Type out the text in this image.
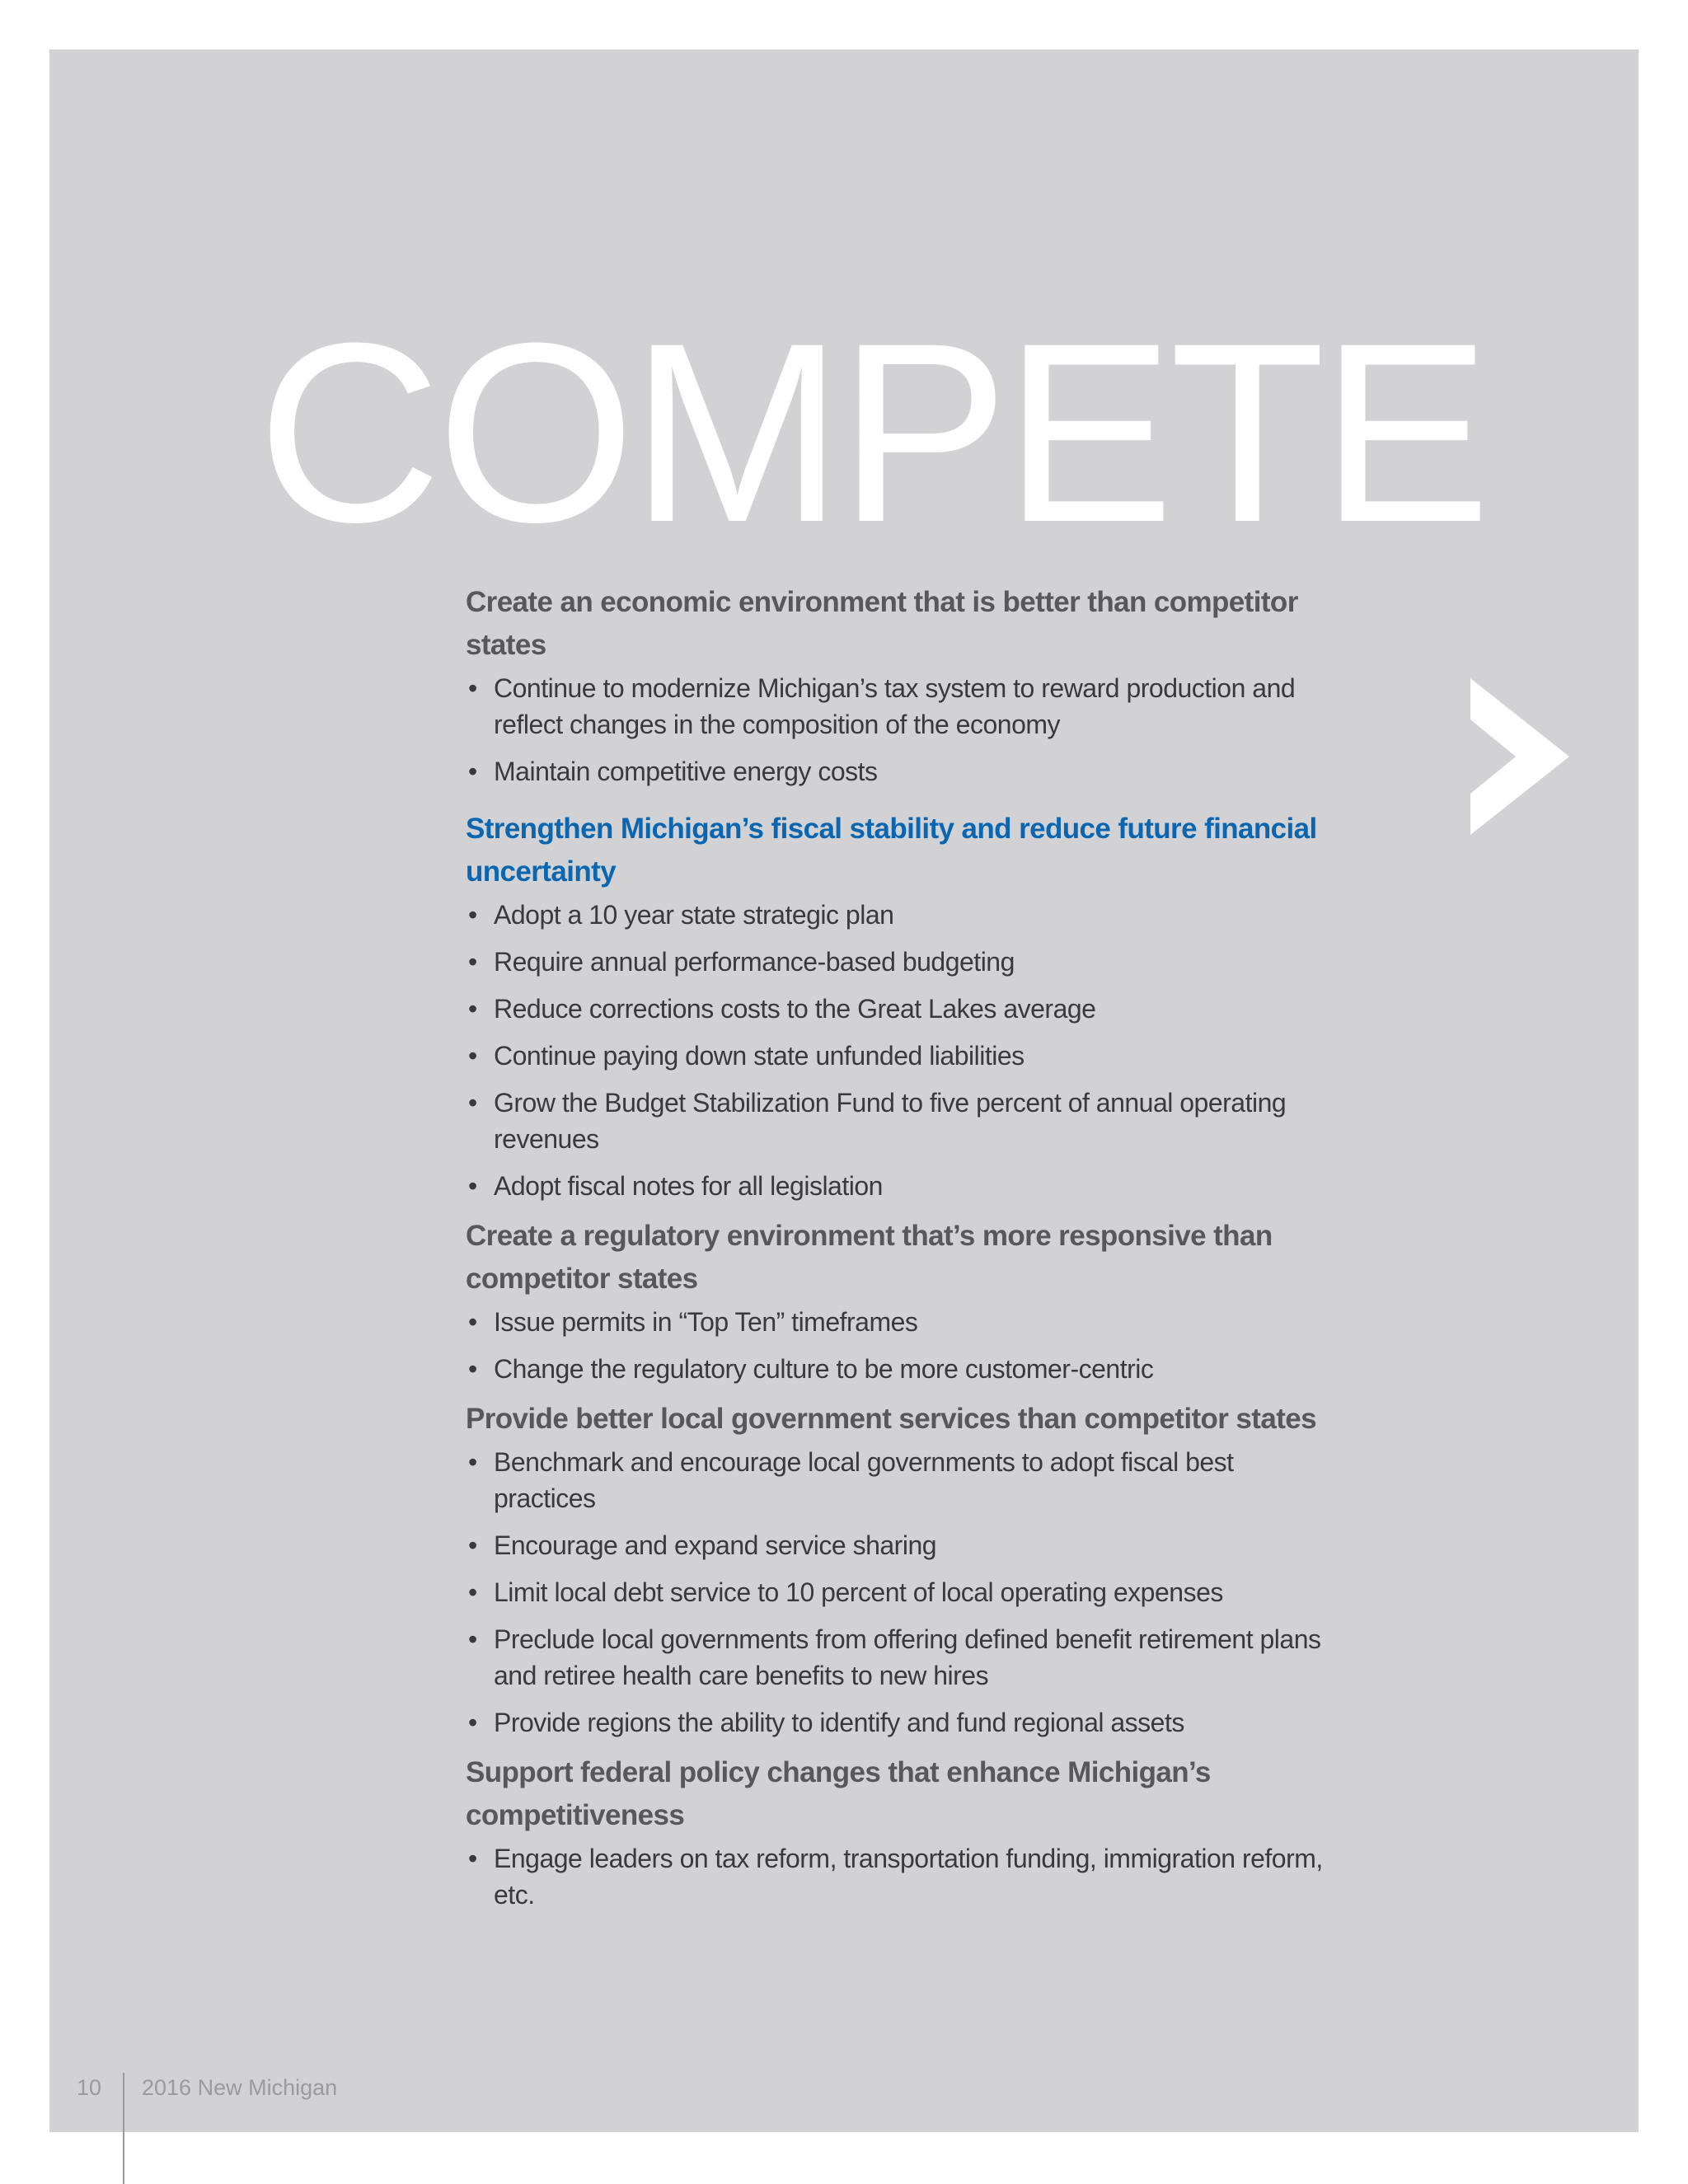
COMPETE
Create an economic environment that is better than competitor states
• Continue to modernize Michigan’s tax system to reward production and reflect changes in the composition of the economy
• Maintain competitive energy costs
Strengthen Michigan’s fiscal stability and reduce future financial uncertainty
• Adopt a 10 year state strategic plan
• Require annual performance-based budgeting
• Reduce corrections costs to the Great Lakes average
• Continue paying down state unfunded liabilities
• Grow the Budget Stabilization Fund to five percent of annual operating revenues
• Adopt fiscal notes for all legislation
Create a regulatory environment that’s more responsive than competitor states
• Issue permits in “Top Ten” timeframes
• Change the regulatory culture to be more customer-centric
Provide better local government services than competitor states
• Benchmark and encourage local governments to adopt fiscal best practices
• Encourage and expand service sharing
• Limit local debt service to 10 percent of local operating expenses
• Preclude local governments from offering defined benefit retirement plans and retiree health care benefits to new hires
• Provide regions the ability to identify and fund regional assets
Support federal policy changes that enhance Michigan’s competitiveness
• Engage leaders on tax reform, transportation funding, immigration reform, etc.
10 2016 New Michigan
